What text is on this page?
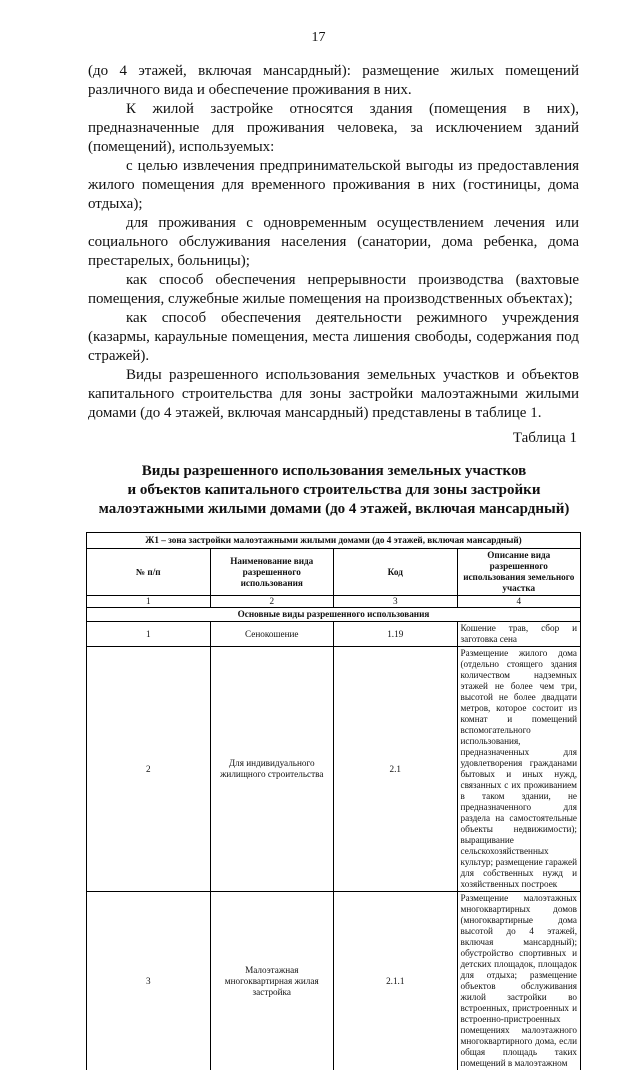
17

(до 4 этажей, включая мансардный): размещение жилых помещений различного вида и обеспечение проживания в них.

К жилой застройке относятся здания (помещения в них), предназначенные для проживания человека, за исключением зданий (помещений), используемых:

с целью извлечения предпринимательской выгоды из предоставления жилого помещения для временного проживания в них (гостиницы, дома отдыха);

для проживания с одновременным осуществлением лечения или социального обслуживания населения (санатории, дома ребенка, дома престарелых, больницы);

как способ обеспечения непрерывности производства (вахтовые помещения, служебные жилые помещения на производственных объектах);

как способ обеспечения деятельности режимного учреждения (казармы, караульные помещения, места лишения свободы, содержания под стражей).

Виды разрешенного использования земельных участков и объектов капитального строительства для зоны застройки малоэтажными жилыми домами (до 4 этажей, включая мансардный) представлены в таблице 1.

Таблица 1
Виды разрешенного использования земельных участков
и объектов капитального строительства для зоны застройки
малоэтажными жилыми домами (до 4 этажей, включая мансардный)
Ж1 – зона застройки малоэтажными жилыми домами (до 4 этажей, включая мансардный)			
№ п/п	Наименование вида разрешенного использования	Код	Описание вида разрешенного использования земельного участка
1	2	3	4
Основные виды разрешенного использования			
1	Сенокошение	1.19	Кошение трав, сбор и заготовка сена
2	Для индивидуального жилищного строительства	2.1	Размещение жилого дома (отдельно стоящего здания количеством надземных этажей не более чем три, высотой не более двадцати метров, которое состоит из комнат и помещений вспомогательного использования, предназначенных для удовлетворения гражданами бытовых и иных нужд, связанных с их проживанием в таком здании, не предназначенного для раздела на самостоятельные объекты недвижимости); выращивание сельскохозяйственных культур; размещение гаражей для собственных нужд и хозяйственных построек
3	Малоэтажная многоквартирная жилая застройка	2.1.1	Размещение малоэтажных многоквартирных домов (многоквартирные дома высотой до 4 этажей, включая мансардный); обустройство спортивных и детских площадок, площадок для отдыха; размещение объектов обслуживания жилой застройки во встроенных, пристроенных и встроенно-пристроенных помещениях малоэтажного многоквартирного дома, если общая площадь таких помещений в малоэтажном
